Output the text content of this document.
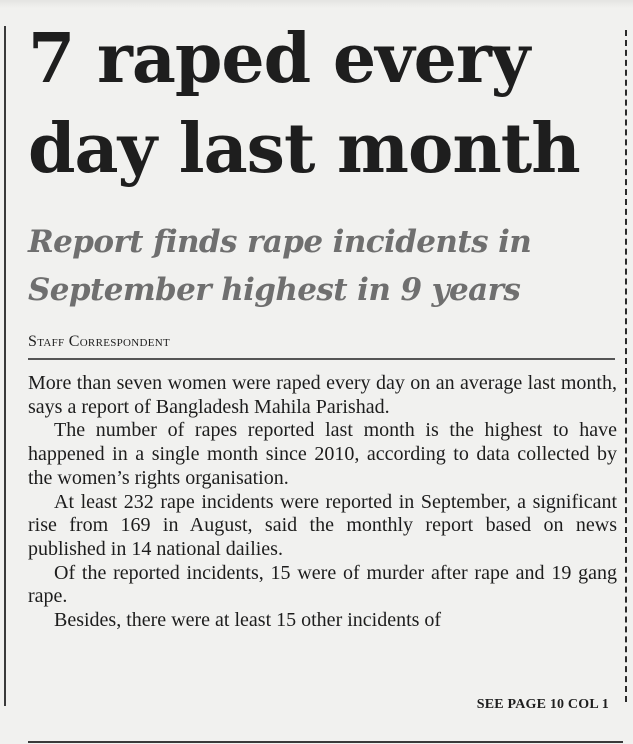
7 raped every
day last month
Report finds rape incidents in
September highest in 9 years

Staff Correspondent

More than seven women were raped every day on an average last month, says a report of Bangladesh Mahila Parishad.

The number of rapes reported last month is the highest to have happened in a single month since 2010, according to data collected by the women’s rights organisation.

At least 232 rape incidents were reported in September, a significant rise from 169 in August, said the monthly report based on news published in 14 national dailies.

Of the reported incidents, 15 were of murder after rape and 19 gang rape.

Besides, there were at least 15 other incidents of

SEE PAGE 10 COL 1
